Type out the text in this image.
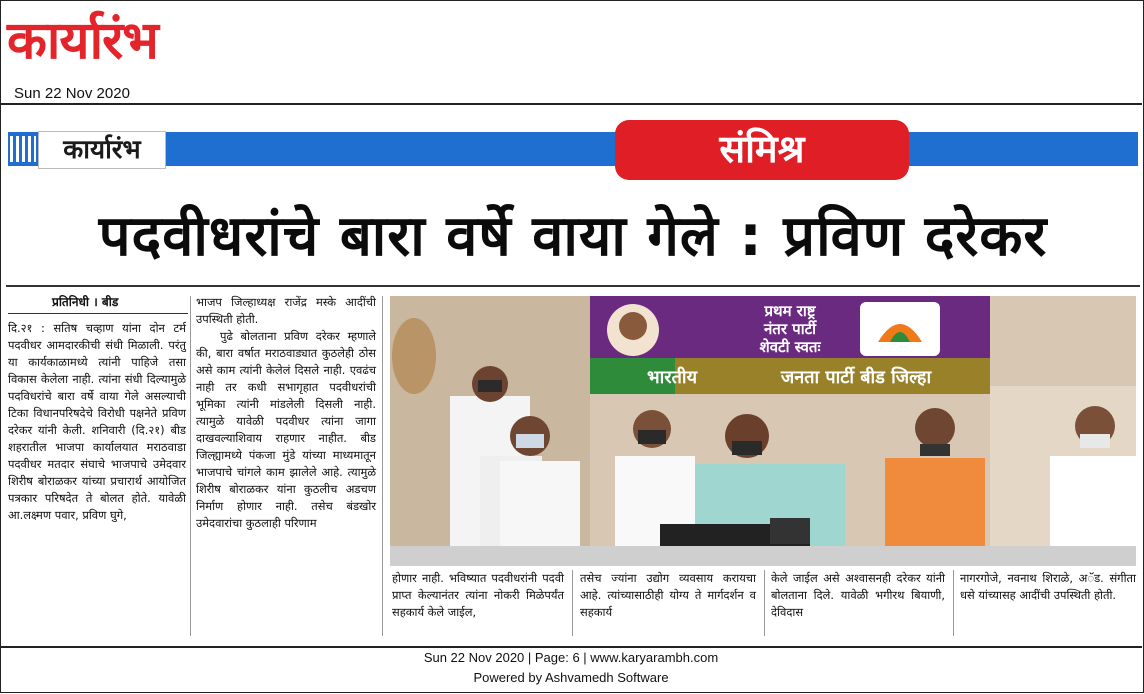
कार्यारंभ
Sun 22 Nov 2020
कार्यारंभ	संमिश्र
पदवीधरांचे बारा वर्षे वाया गेले : प्रविण दरेकर
प्रतिनिधी । बीड

दि.२१ : सतिष चव्हाण यांना दोन टर्म पदवीधर आमदारकीची संधी मिळाली. परंतु या कार्यकाळामध्ये त्यांनी पाहिजे तसा विकास केलेला नाही. त्यांना संधी दिल्यामुळे पदविधरांचे बारा वर्षे वाया गेले असल्याची टिका विधानपरिषदेचे विरोधी पक्षनेते प्रविण दरेकर यांनी केली. शनिवारी (दि.२१) बीड शहरातील भाजपा कार्यालयात मराठवाडा पदवीधर मतदार संघाचे भाजपाचे उमेदवार शिरीष बोराळकर यांच्या प्रचारार्थ आयोजित पत्रकार परिषदेत ते बोलत होते. यावेळी आ.लक्ष्मण पवार, प्रविण घुगे,

भाजप जिल्हाध्यक्ष राजेंद्र मस्के आदींची उपस्थिती होती.

पुढे बोलताना प्रविण दरेकर म्हणाले की, बारा वर्षात मराठवाड्यात कुठलेही ठोस असे काम त्यांनी केलेलं दिसले नाही. एवढंच नाही तर कधी सभागृहात पदवीधरांची भूमिका त्यांनी मांडलेली दिसली नाही. त्यामुळे यावेळी पदवीधर त्यांना जागा दाखवल्याशिवाय राहणार नाहीत. बीड जिल्ह्यामध्ये पंकजा मुंडे यांच्या माध्यमातून भाजपाचे चांगले काम झालेले आहे. त्यामुळे शिरीष बोराळकर यांना कुठलीच अडचण निर्माण होणार नाही. तसेच बंडखोर उमेदवारांचा कुठलाही परिणाम

प्रथम राष्ट्र
नंतर पार्टी
शेवटी स्वतः
भारतीय	जनता पार्टी बीड जिल्हा

होणार नाही. भविष्यात पदवीधरांनी पदवी प्राप्त केल्यानंतर त्यांना नोकरी मिळेपर्यंत सहकार्य केले जाईल,

तसेच ज्यांना उद्योग व्यवसाय करायचा आहे. त्यांच्यासाठीही योग्य ते मार्गदर्शन व सहकार्य

केले जाईल असे अश्वासनही दरेकर यांनी बोलताना दिले. यावेळी भगीरथ बियाणी, देविदास

नागरगोजे, नवनाथ शिराळे, अॅड. संगीता धसे यांच्यासह आदींची उपस्थिती होती.

Sun 22 Nov 2020 | Page: 6 | www.karyarambh.com
Powered by Ashvamedh Software
